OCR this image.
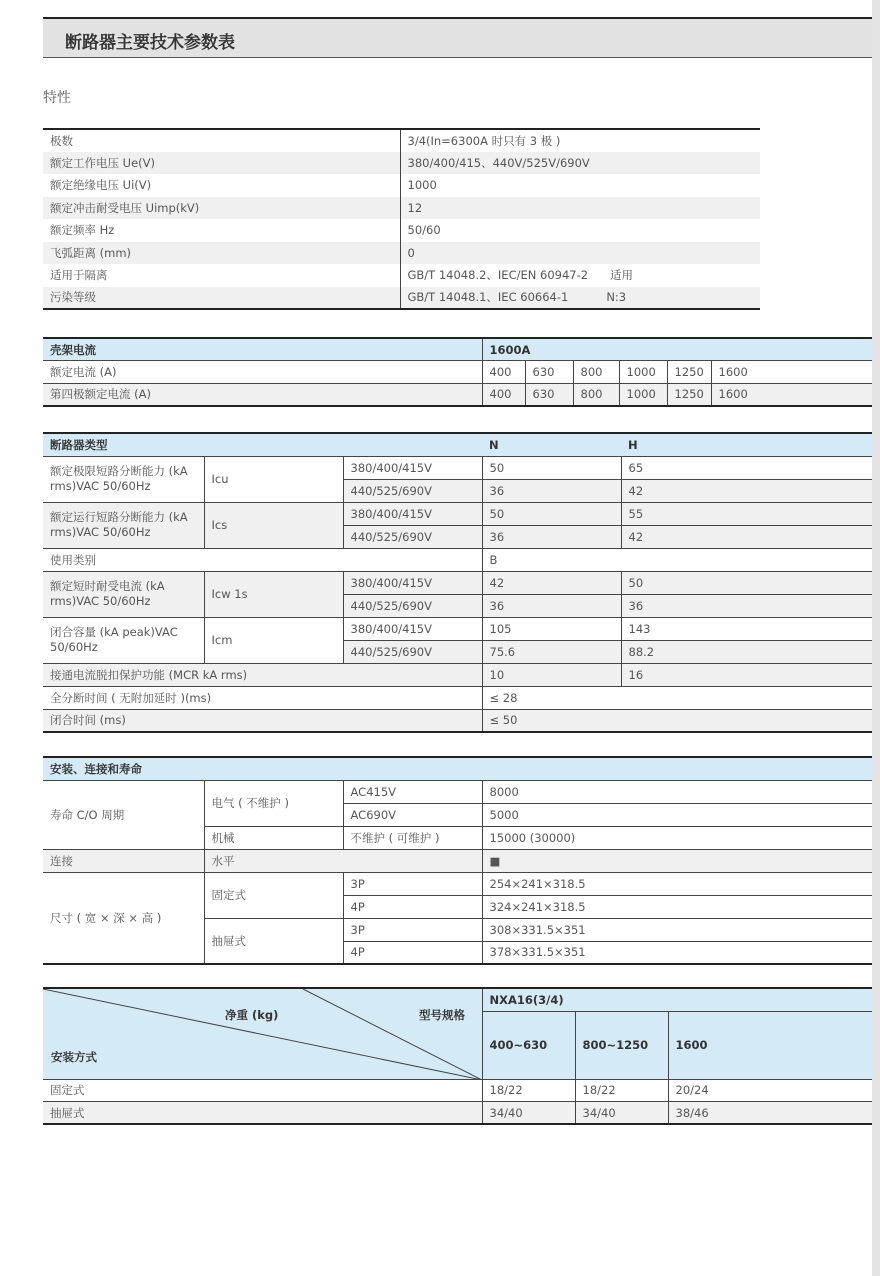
断路器主要技术参数表
特性
极数	3/4(In=6300A 时只有 3 极 )
额定工作电压 Ue(V)	380/400/415、440V/525V/690V
额定绝缘电压 Ui(V)	1000
额定冲击耐受电压 Uimp(kV)	12
额定频率 Hz	50/60
飞弧距离 (mm)	0
适用于隔离	GB/T 14048.2、IEC/EN 60947-2 适用
污染等级	GB/T 14048.1、IEC 60664-1 N:3
壳架电流	1600A					
额定电流 (A)	400	630	800	1000	1250	1600
第四极额定电流 (A)	400	630	800	1000	1250	1600
断路器类型			N	H
额定极限短路分断能力 (kA rms)VAC 50/60Hz	Icu	380/400/415V	50	65
		440/525/690V	36	42
额定运行短路分断能力 (kA rms)VAC 50/60Hz	Ics	380/400/415V	50	55
		440/525/690V	36	42
使用类别			B	
额定短时耐受电流 (kA rms)VAC 50/60Hz	Icw 1s	380/400/415V	42	50
		440/525/690V	36	36
闭合容量 (kA peak)VAC 50/60Hz	Icm	380/400/415V	105	143
		440/525/690V	75.6	88.2
接通电流脱扣保护功能 (MCR kA rms)			10	16
全分断时间 ( 无附加延时 )(ms)			≤ 28	
闭合时间 (ms)			≤ 50	
安装、连接和寿命			
寿命 C/O 周期	电气 ( 不维护 )	AC415V	8000
		AC690V	5000
	机械	不维护 ( 可维护 )	15000 (30000)
连接	水平		■
尺寸 ( 宽 × 深 × 高 )	固定式	3P	254×241×318.5
		4P	324×241×318.5
	抽屉式	3P	308×331.5×351
		4P	378×331.5×351
净重 (kg) 型号规格
安装方式	NXA16(3/4)		
	400~630	800~1250	1600
固定式	18/22	18/22	20/24
抽屉式	34/40	34/40	38/46
